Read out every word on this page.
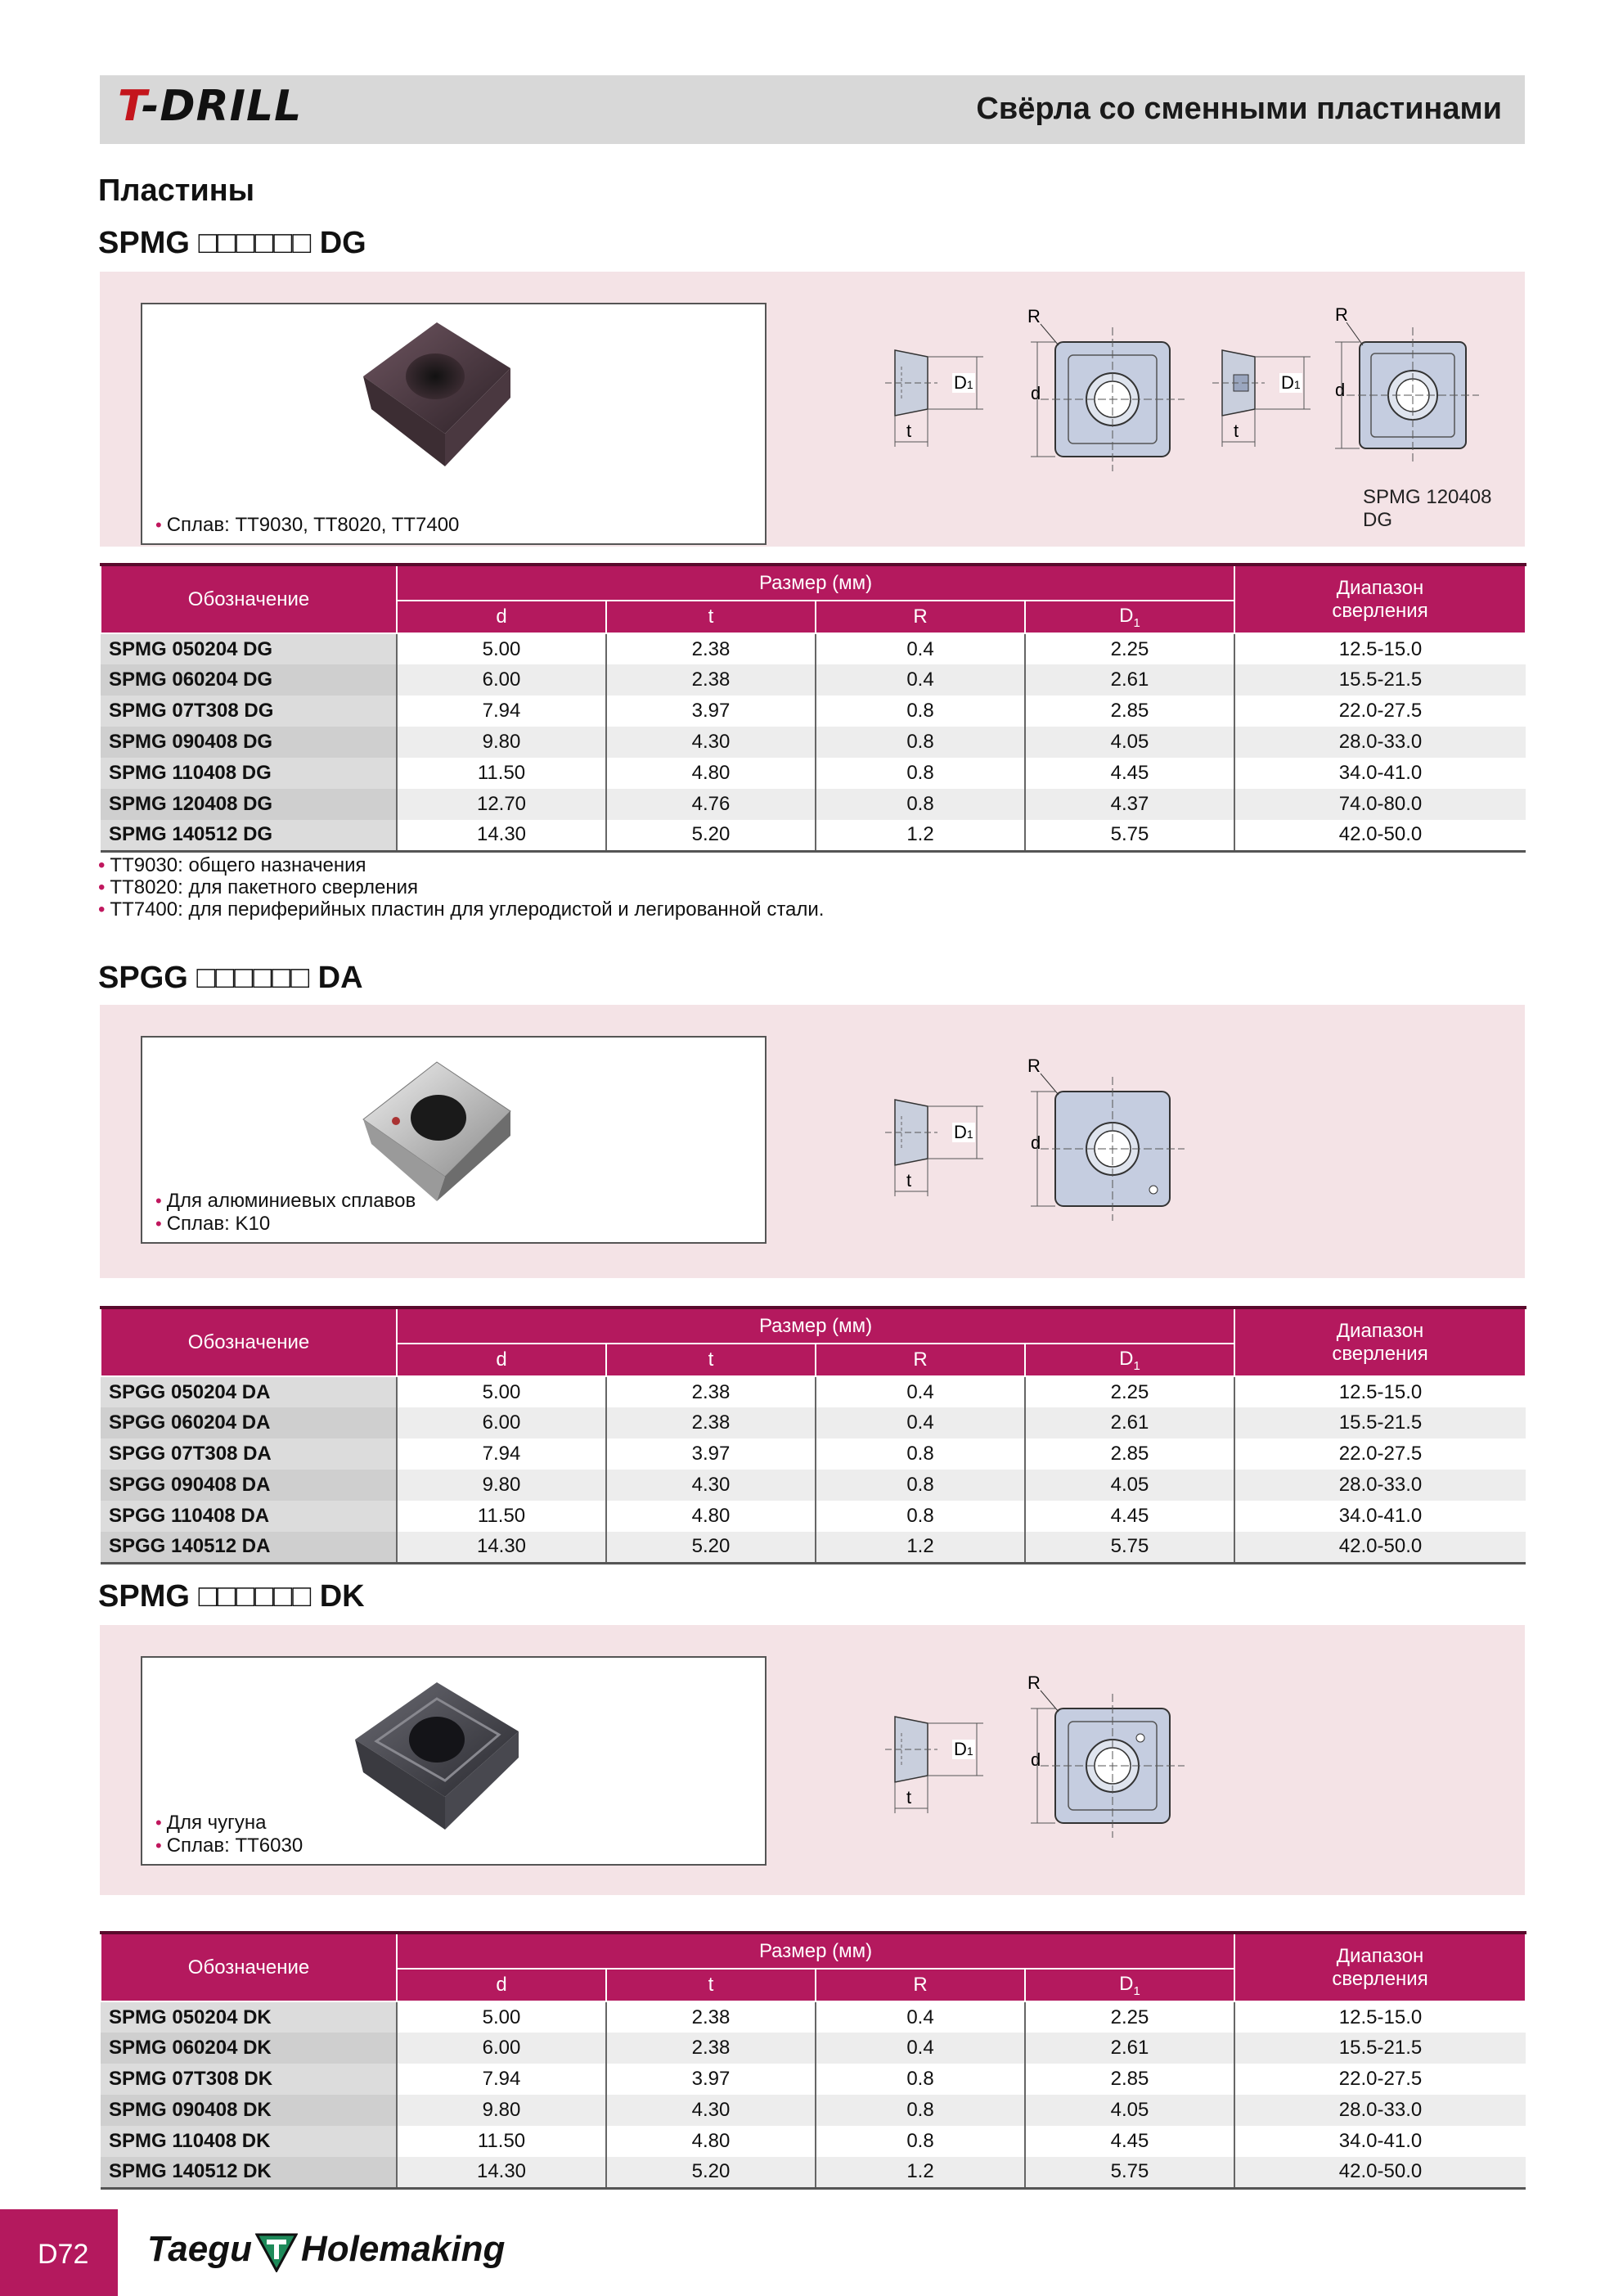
T-DRILL	Свёрла со сменными пластинами
Пластины
SPMG □□□□□□ DG
• Сплав: TT9030, TT8020, TT7400
D1
t
d
R
D1
t
d
R
SPMG 120408 DG
Обозначение	Размер (мм)				Диапазон
сверления
	d	t	R	$D_1$
SPMG 050204 DG	5.00	2.38	0.4	2.25	12.5-15.0
SPMG 060204 DG	6.00	2.38	0.4	2.61	15.5-21.5
SPMG 07T308 DG	7.94	3.97	0.8	2.85	22.0-27.5
SPMG 090408 DG	9.80	4.30	0.8	4.05	28.0-33.0
SPMG 110408 DG	11.50	4.80	0.8	4.45	34.0-41.0
SPMG 120408 DG	12.70	4.76	0.8	4.37	74.0-80.0
SPMG 140512 DG	14.30	5.20	1.2	5.75	42.0-50.0
• TT9030: общего назначения
• TT8020: для пакетного сверления
• TT7400: для периферийных пластин для углеродистой и легированной стали.
SPGG □□□□□□ DA
• Для алюминиевых сплавов
• Сплав: K10
D1
t
d
R
Обозначение	Размер (мм)				Диапазон
сверления
	d	t	R	$D_1$
SPGG 050204 DA	5.00	2.38	0.4	2.25	12.5-15.0
SPGG 060204 DA	6.00	2.38	0.4	2.61	15.5-21.5
SPGG 07T308 DA	7.94	3.97	0.8	2.85	22.0-27.5
SPGG 090408 DA	9.80	4.30	0.8	4.05	28.0-33.0
SPGG 110408 DA	11.50	4.80	0.8	4.45	34.0-41.0
SPGG 140512 DA	14.30	5.20	1.2	5.75	42.0-50.0
SPMG □□□□□□ DK
• Для чугуна
• Сплав: TT6030
D1
t
d
R
Обозначение	Размер (мм)				Диапазон
сверления
	d	t	R	$D_1$
SPMG 050204 DK	5.00	2.38	0.4	2.25	12.5-15.0
SPMG 060204 DK	6.00	2.38	0.4	2.61	15.5-21.5
SPMG 07T308 DK	7.94	3.97	0.8	2.85	22.0-27.5
SPMG 090408 DK	9.80	4.30	0.8	4.05	28.0-33.0
SPMG 110408 DK	11.50	4.80	0.8	4.45	34.0-41.0
SPMG 140512 DK	14.30	5.20	1.2	5.75	42.0-50.0
D72 Taegu Holemaking
